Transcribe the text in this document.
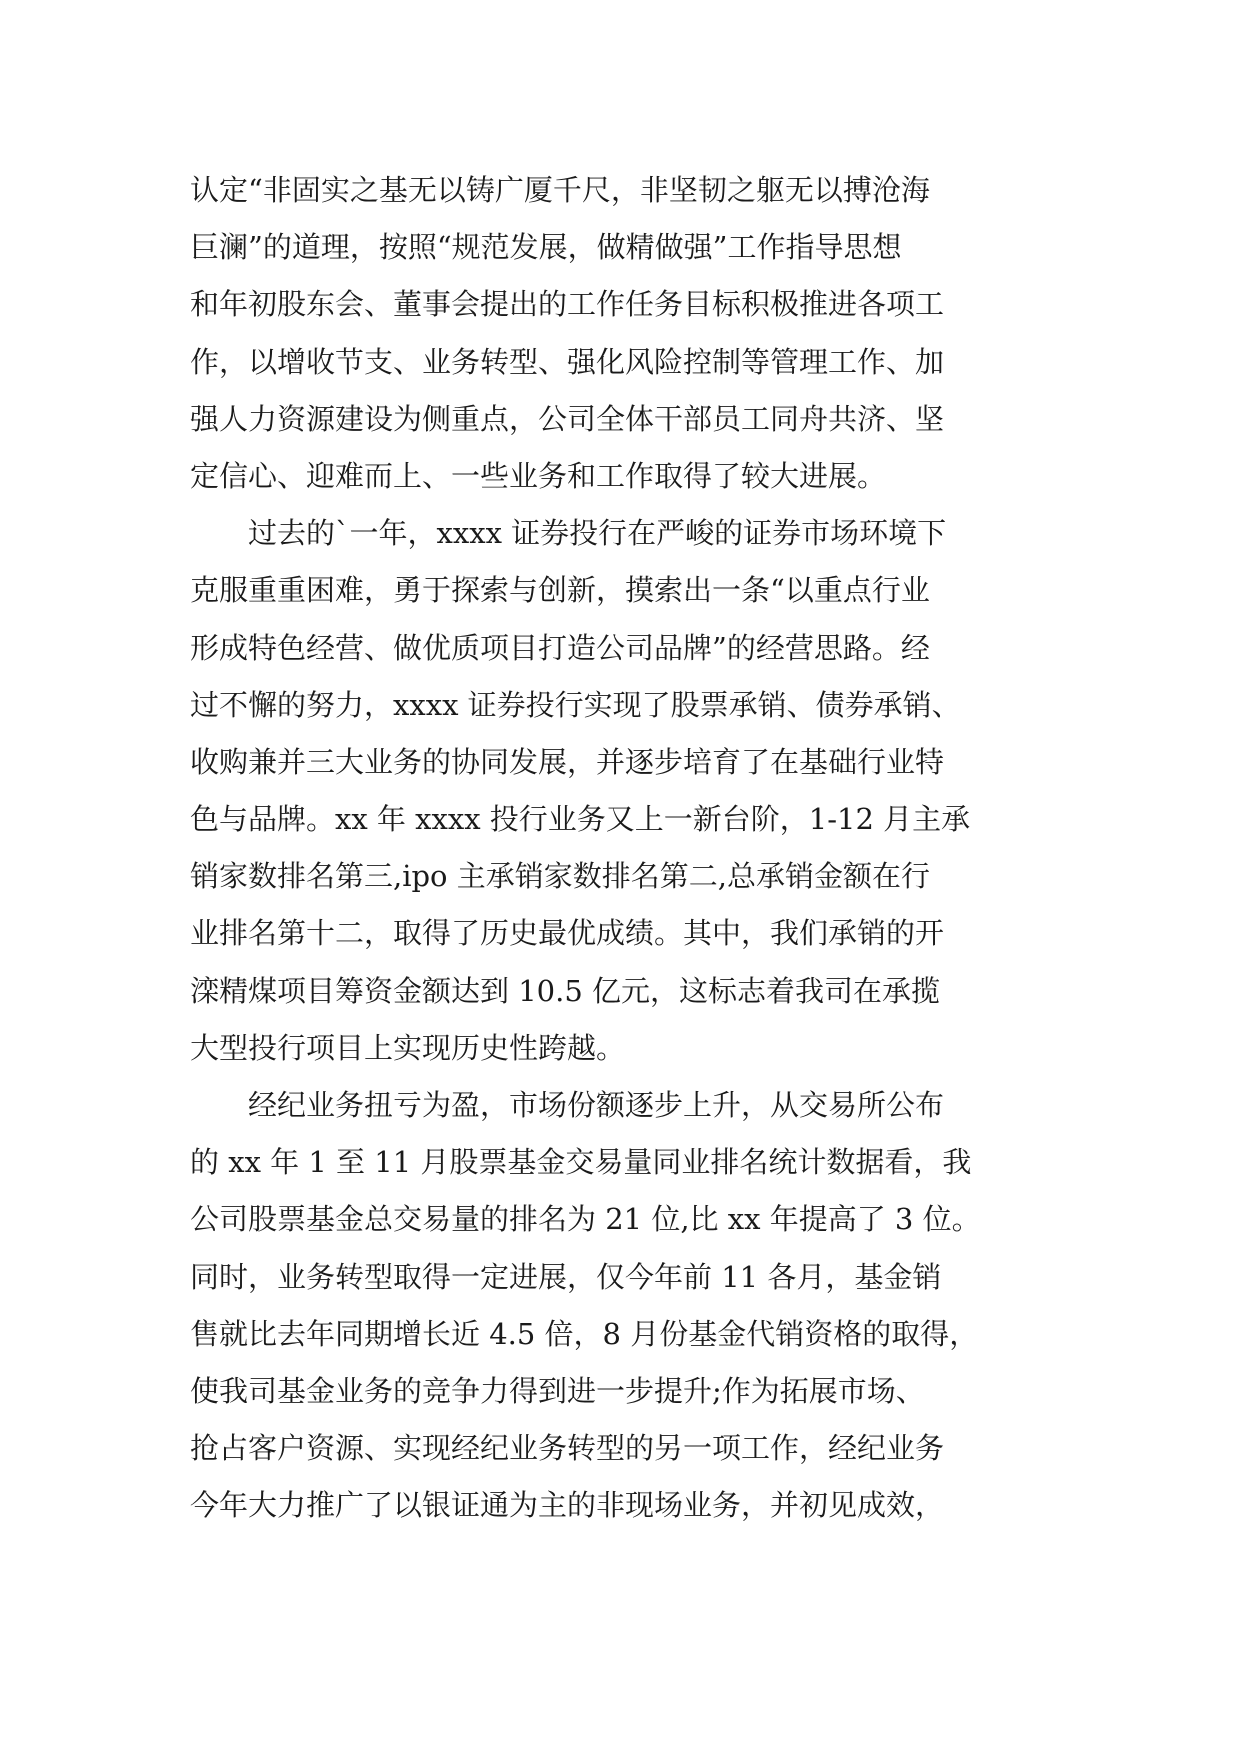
认定“非固实之基无以铸广厦千尺，非坚韧之躯无以搏沧海
巨澜”的道理，按照“规范发展，做精做强”工作指导思想
和年初股东会、董事会提出的工作任务目标积极推进各项工
作，以增收节支、业务转型、强化风险控制等管理工作、加
强人力资源建设为侧重点，公司全体干部员工同舟共济、坚
定信心、迎难而上、一些业务和工作取得了较大进展。
过去的`一年，xxxx 证券投行在严峻的证券市场环境下
克服重重困难，勇于探索与创新，摸索出一条“以重点行业
形成特色经营、做优质项目打造公司品牌”的经营思路。经
过不懈的努力，xxxx 证券投行实现了股票承销、债券承销、
收购兼并三大业务的协同发展，并逐步培育了在基础行业特
色与品牌。xx 年 xxxx 投行业务又上一新台阶，1-12 月主承
销家数排名第三,ipo 主承销家数排名第二,总承销金额在行
业排名第十二，取得了历史最优成绩。其中，我们承销的开
滦精煤项目筹资金额达到 10.5 亿元，这标志着我司在承揽
大型投行项目上实现历史性跨越。
经纪业务扭亏为盈，市场份额逐步上升，从交易所公布
的 xx 年 1 至 11 月股票基金交易量同业排名统计数据看，我
公司股票基金总交易量的排名为 21 位,比 xx 年提高了 3 位。
同时，业务转型取得一定进展，仅今年前 11 各月，基金销
售就比去年同期增长近 4.5 倍，8 月份基金代销资格的取得，
使我司基金业务的竞争力得到进一步提升;作为拓展市场、
抢占客户资源、实现经纪业务转型的另一项工作，经纪业务
今年大力推广了以银证通为主的非现场业务，并初见成效，
